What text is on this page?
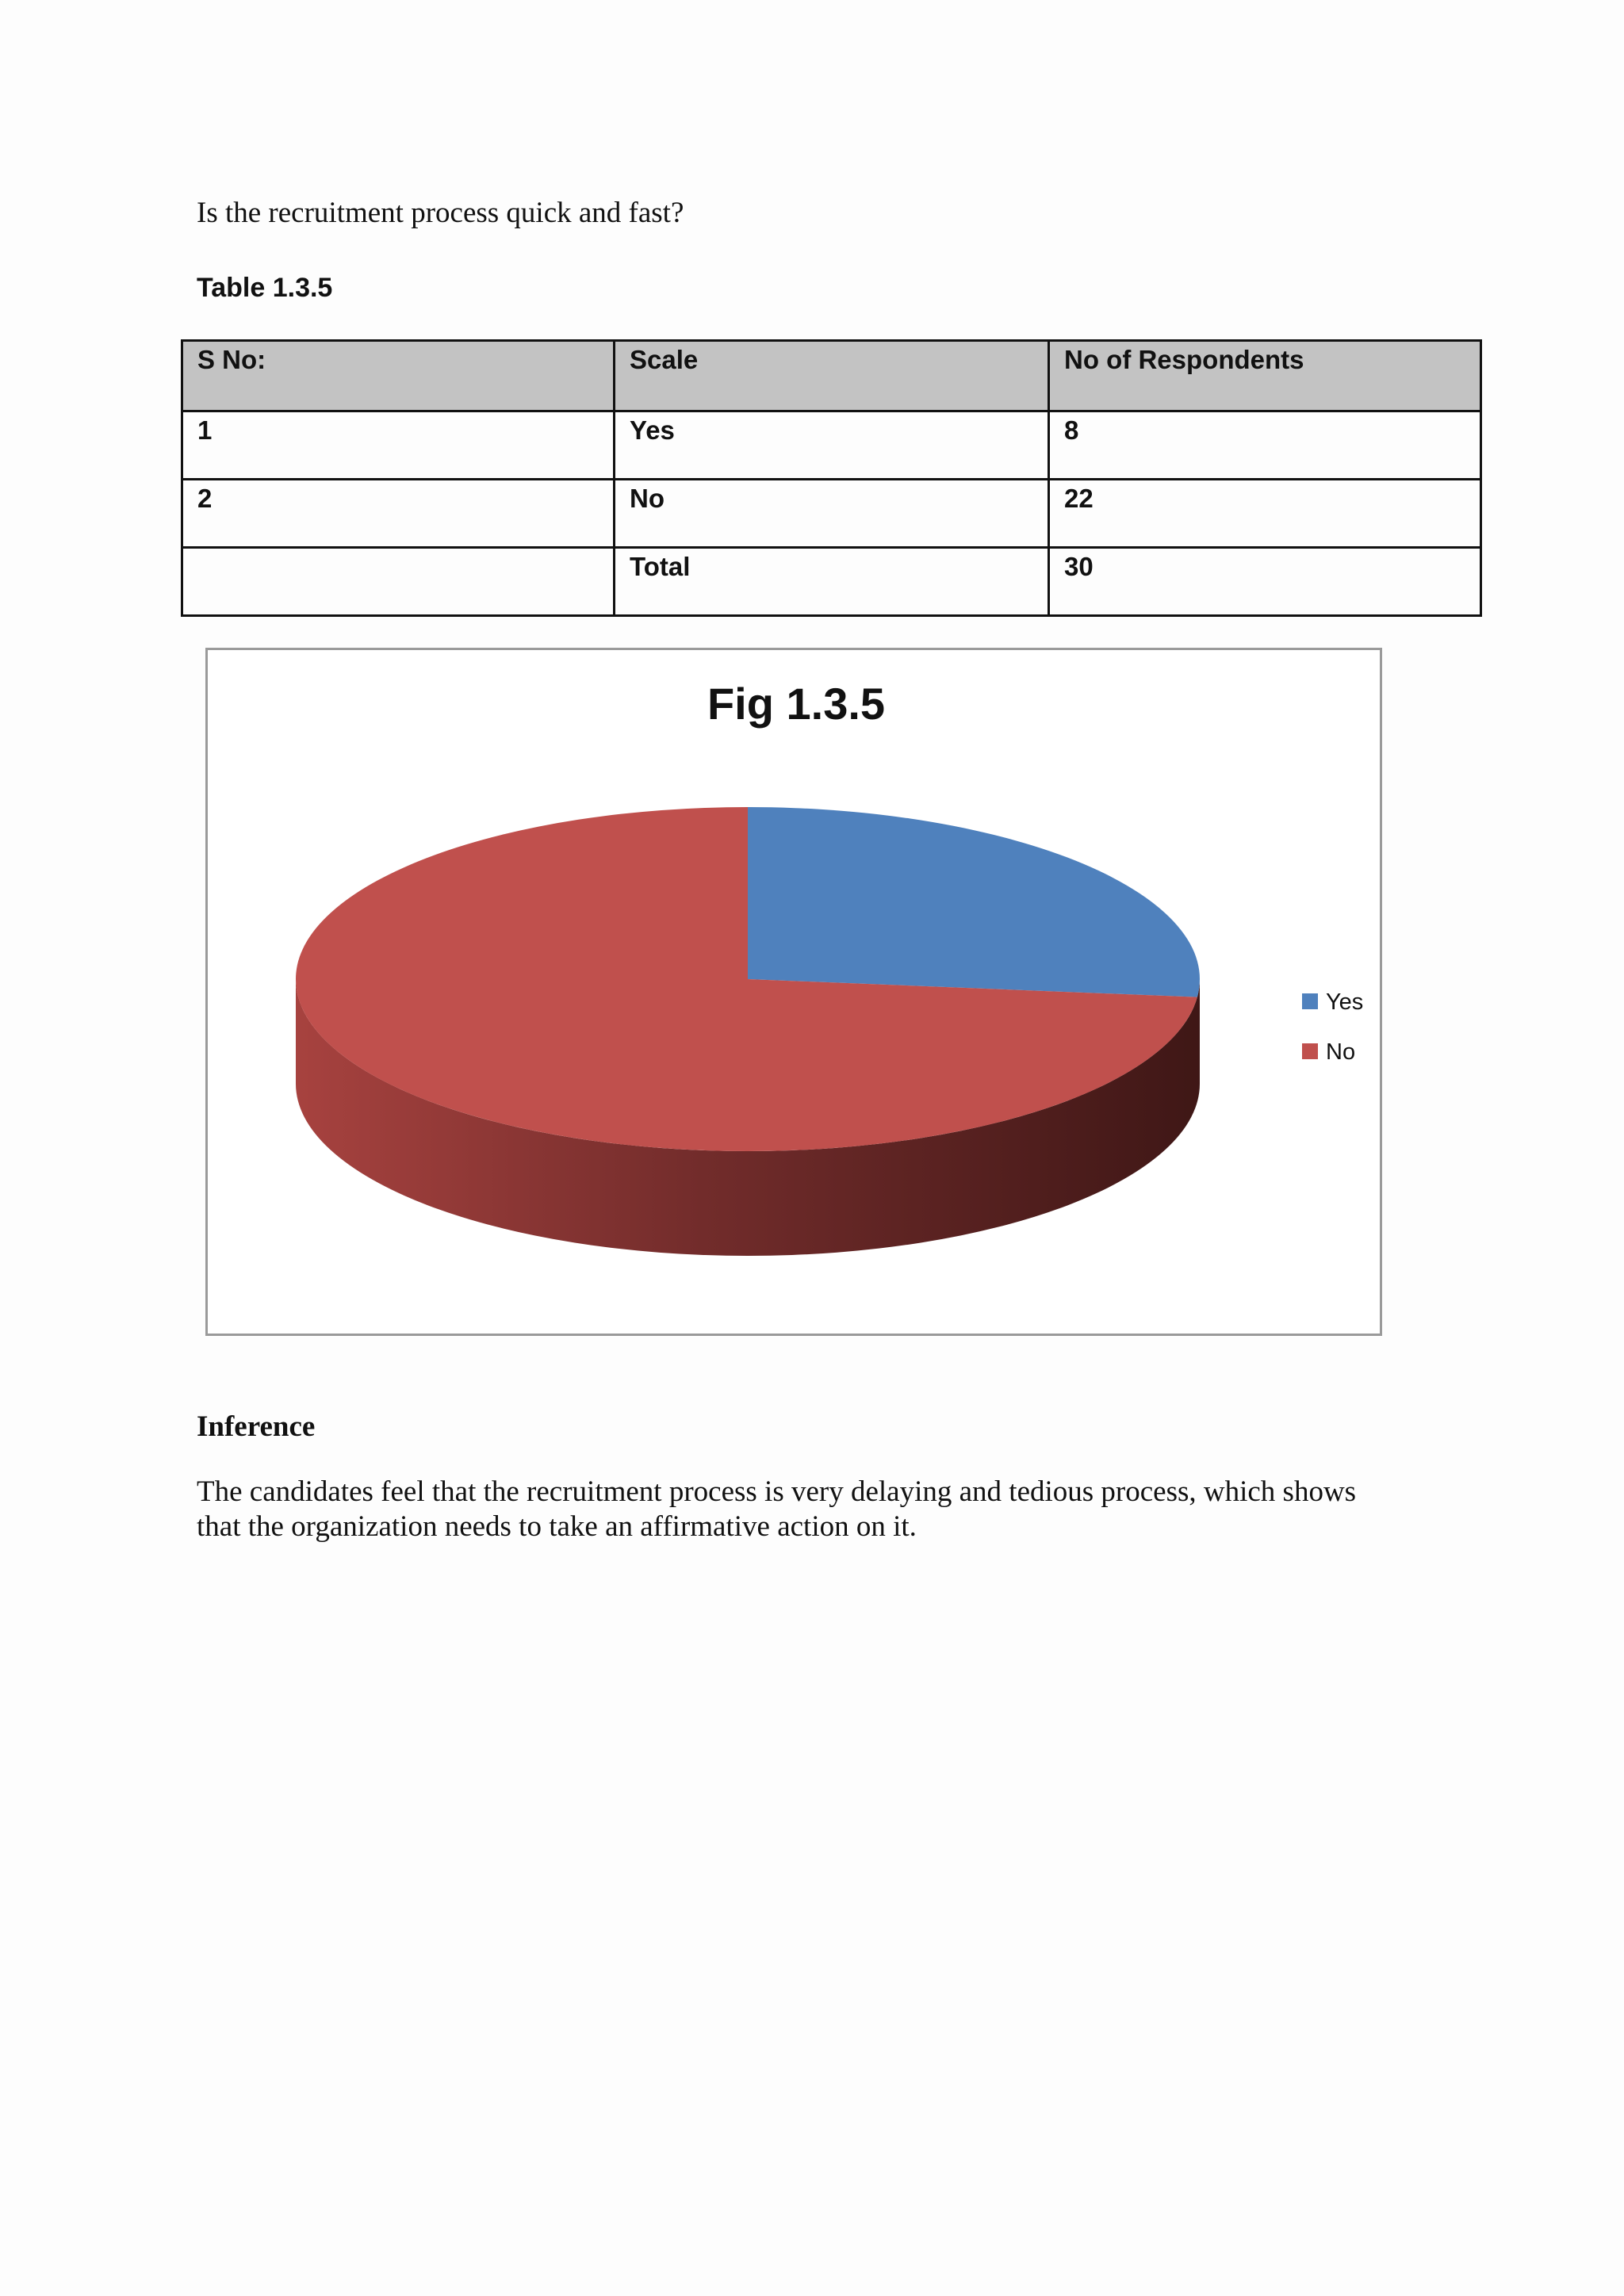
Is the recruitment process quick and fast?
Table 1.3.5
S No:	Scale	No of Respondents
1	Yes	8
2	No	22
	Total	30
Fig 1.3.5
Yes
No
Inference
The candidates feel that the recruitment process is very delaying and tedious process, which shows
that the organization needs to take an affirmative action on it.
